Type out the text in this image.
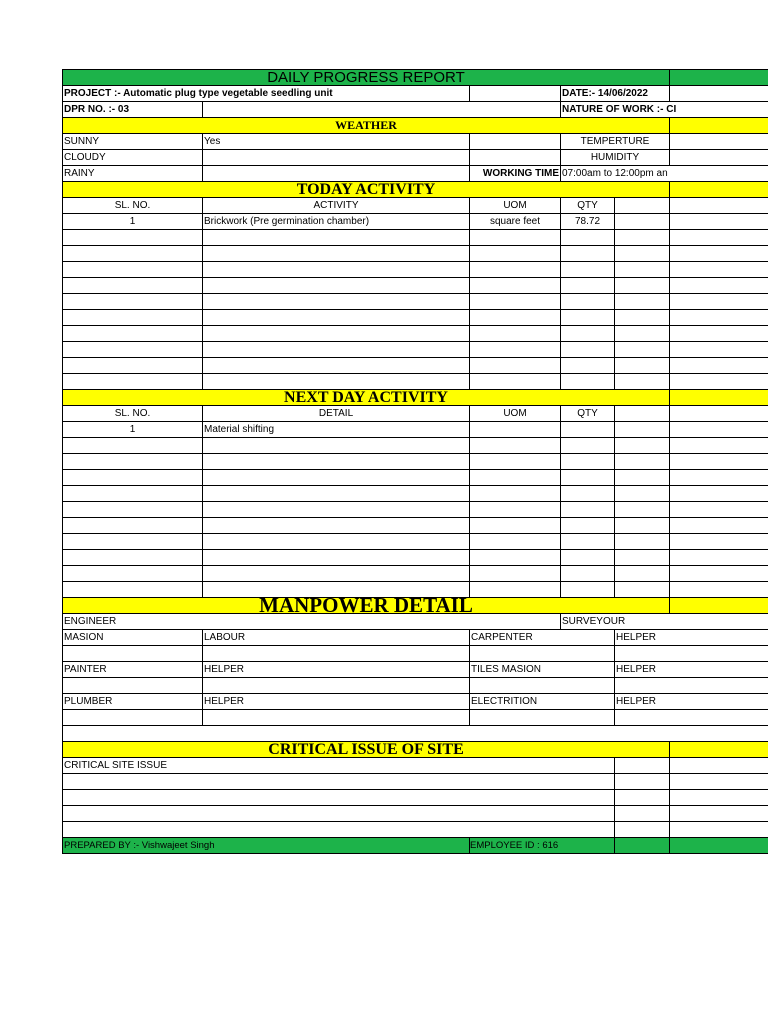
DAILY PROGRESS REPORT					
PROJECT :- Automatic plug type vegetable seedling unit			DATE:- 14/06/2022		
DPR NO. :- 03			NATURE OF WORK :- CI		
WEATHER					
SUNNY	Yes		TEMPERTURE		
CLOUDY			HUMIDITY		
RAINY		WORKING TIME	07:00am to 12:00pm an		
TODAY ACTIVITY					
SL. NO.	ACTIVITY	UOM	QTY		
1	Brickwork (Pre germination chamber)	square feet	78.72		

NEXT DAY ACTIVITY					
SL. NO.	DETAIL	UOM	QTY		
1	Material shifting				

MANPOWER DETAIL					
ENGINEER			SURVEYOUR		
MASION	LABOUR	CARPENTER		HELPER	

PAINTER	HELPER	TILES MASION		HELPER	

PLUMBER	HELPER	ELECTRITION		HELPER	

CRITICAL ISSUE OF SITE					
CRITICAL SITE ISSUE					

PREPARED BY :- Vishwajeet Singh		EMPLOYEE ID : 616			
